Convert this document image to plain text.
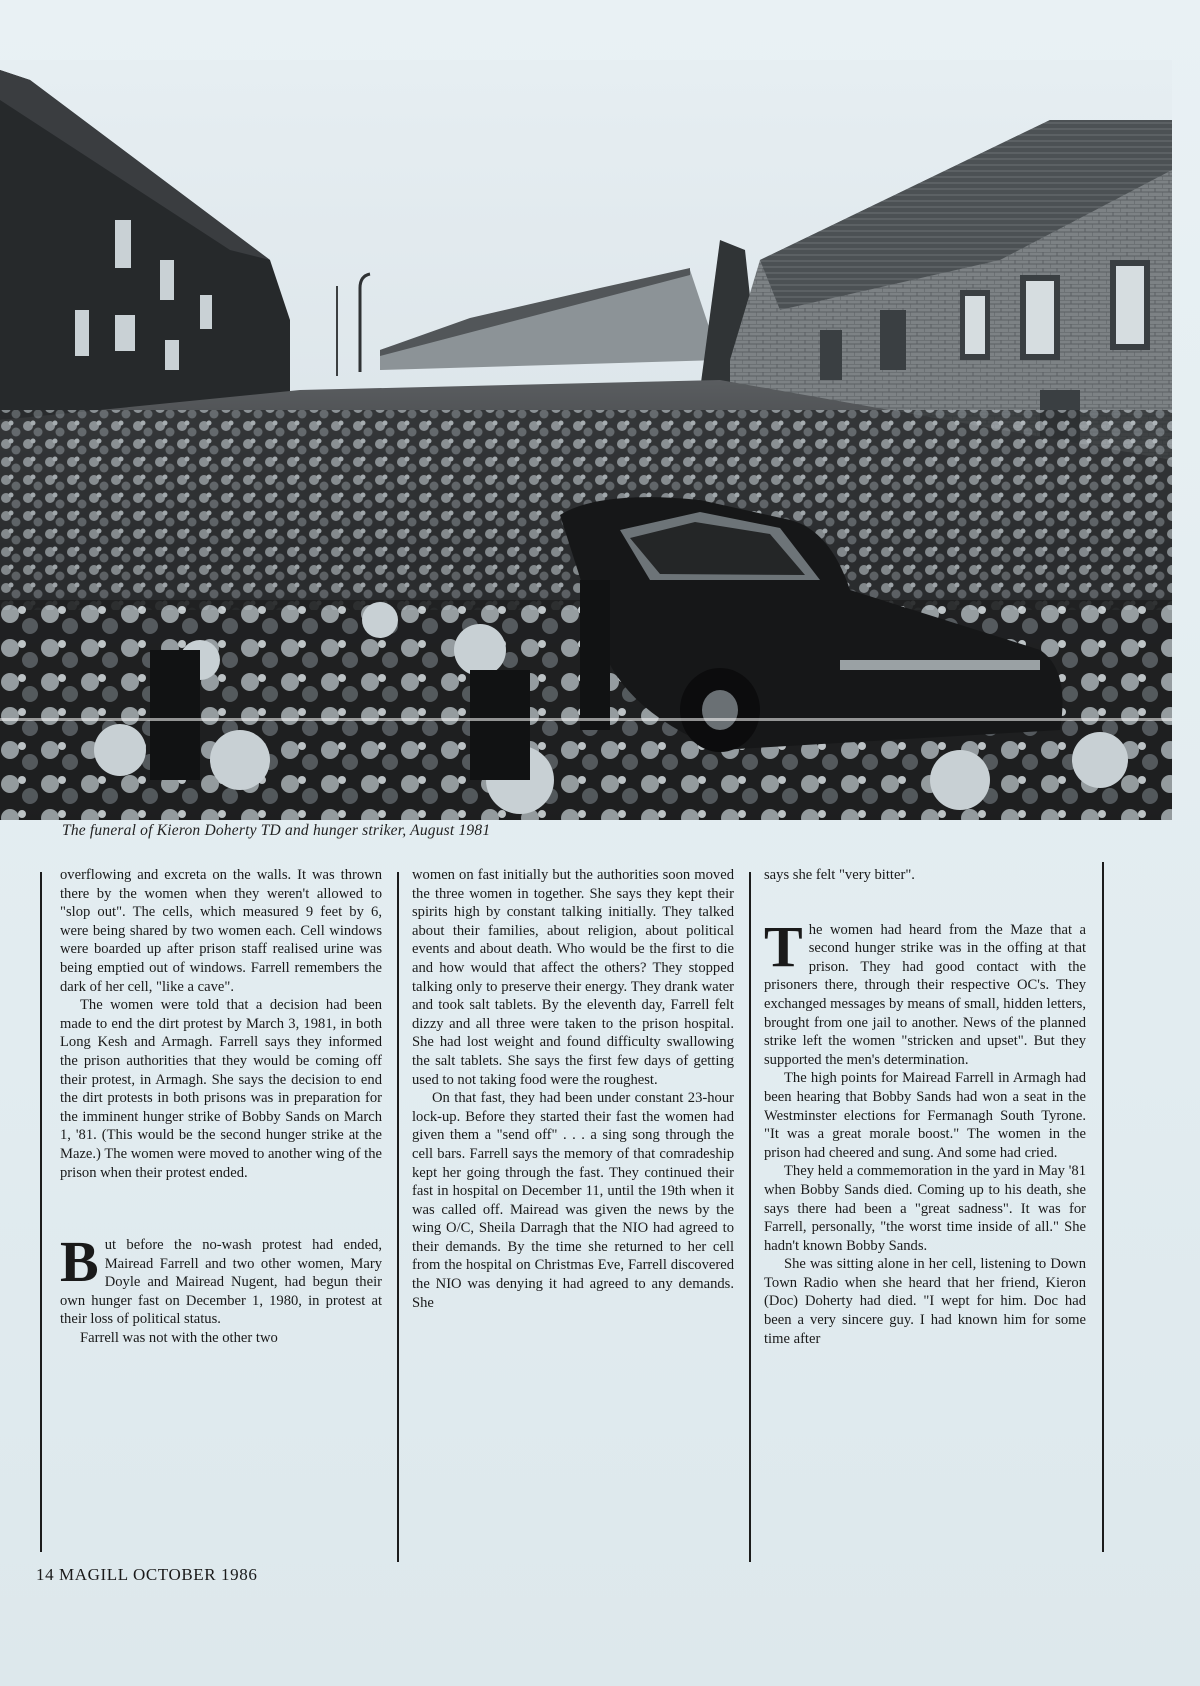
The funeral of Kieron Doherty TD and hunger striker, August 1981

overflowing and excreta on the walls. It was thrown there by the women when they weren't allowed to "slop out". The cells, which measured 9 feet by 6, were being shared by two women each. Cell windows were boarded up after prison staff realised urine was being emptied out of windows. Farrell remembers the dark of her cell, "like a cave".

The women were told that a decision had been made to end the dirt protest by March 3, 1981, in both Long Kesh and Armagh. Farrell says they informed the prison authorities that they would be coming off their protest, in Armagh. She says the decision to end the dirt protests in both prisons was in preparation for the imminent hunger strike of Bobby Sands on March 1, '81. (This would be the second hunger strike at the Maze.) The women were moved to another wing of the prison when their protest ended.

But before the no-wash protest had ended, Mairead Farrell and two other women, Mary Doyle and Mairead Nugent, had begun their own hunger fast on December 1, 1980, in protest at their loss of political status.

Farrell was not with the other two

women on fast initially but the authorities soon moved the three women in together. She says they kept their spirits high by constant talking initially. They talked about their families, about religion, about political events and about death. Who would be the first to die and how would that affect the others? They stopped talking only to preserve their energy. They drank water and took salt tablets. By the eleventh day, Farrell felt dizzy and all three were taken to the prison hospital. She had lost weight and found difficulty swallowing the salt tablets. She says the first few days of getting used to not taking food were the roughest.

On that fast, they had been under constant 23-hour lock-up. Before they started their fast the women had given them a "send off" . . . a sing song through the cell bars. Farrell says the memory of that comradeship kept her going through the fast. They continued their fast in hospital on December 11, until the 19th when it was called off. Mairead was given the news by the wing O/C, Sheila Darragh that the NIO had agreed to their demands. By the time she returned to her cell from the hospital on Christmas Eve, Farrell discovered the NIO was denying it had agreed to any demands. She

says she felt "very bitter".

The women had heard from the Maze that a second hunger strike was in the offing at that prison. They had good contact with the prisoners there, through their respective OC's. They exchanged messages by means of small, hidden letters, brought from one jail to another. News of the planned strike left the women "stricken and upset". But they supported the men's determination.

The high points for Mairead Farrell in Armagh had been hearing that Bobby Sands had won a seat in the Westminster elections for Fermanagh South Tyrone. "It was a great morale boost." The women in the prison had cheered and sung. And some had cried.

They held a commemoration in the yard in May '81 when Bobby Sands died. Coming up to his death, she says there had been a "great sadness". It was for Farrell, personally, "the worst time inside of all." She hadn't known Bobby Sands.

She was sitting alone in her cell, listening to Down Town Radio when she heard that her friend, Kieron (Doc) Doherty had died. "I wept for him. Doc had been a very sincere guy. I had known him for some time after

14 MAGILL OCTOBER 1986
